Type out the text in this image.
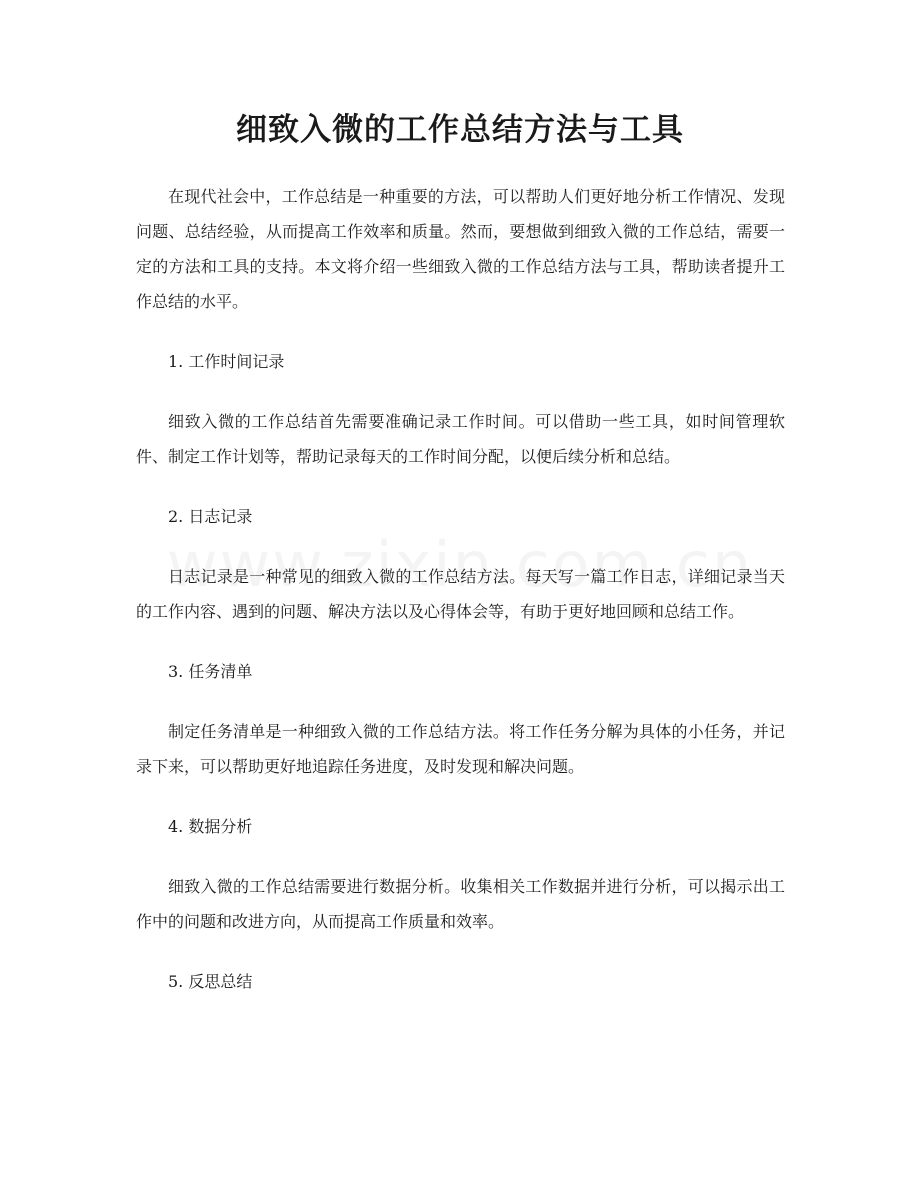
细致入微的工作总结方法与工具

在现代社会中，工作总结是一种重要的方法，可以帮助人们更好地分析工作情况、发现问题、总结经验，从而提高工作效率和质量。然而，要想做到细致入微的工作总结，需要一定的方法和工具的支持。本文将介绍一些细致入微的工作总结方法与工具，帮助读者提升工作总结的水平。

1. 工作时间记录

细致入微的工作总结首先需要准确记录工作时间。可以借助一些工具，如时间管理软件、制定工作计划等，帮助记录每天的工作时间分配，以便后续分析和总结。

2. 日志记录

日志记录是一种常见的细致入微的工作总结方法。每天写一篇工作日志，详细记录当天的工作内容、遇到的问题、解决方法以及心得体会等，有助于更好地回顾和总结工作。

3. 任务清单

制定任务清单是一种细致入微的工作总结方法。将工作任务分解为具体的小任务，并记录下来，可以帮助更好地追踪任务进度，及时发现和解决问题。

4. 数据分析

细致入微的工作总结需要进行数据分析。收集相关工作数据并进行分析，可以揭示出工作中的问题和改进方向，从而提高工作质量和效率。

5. 反思总结
